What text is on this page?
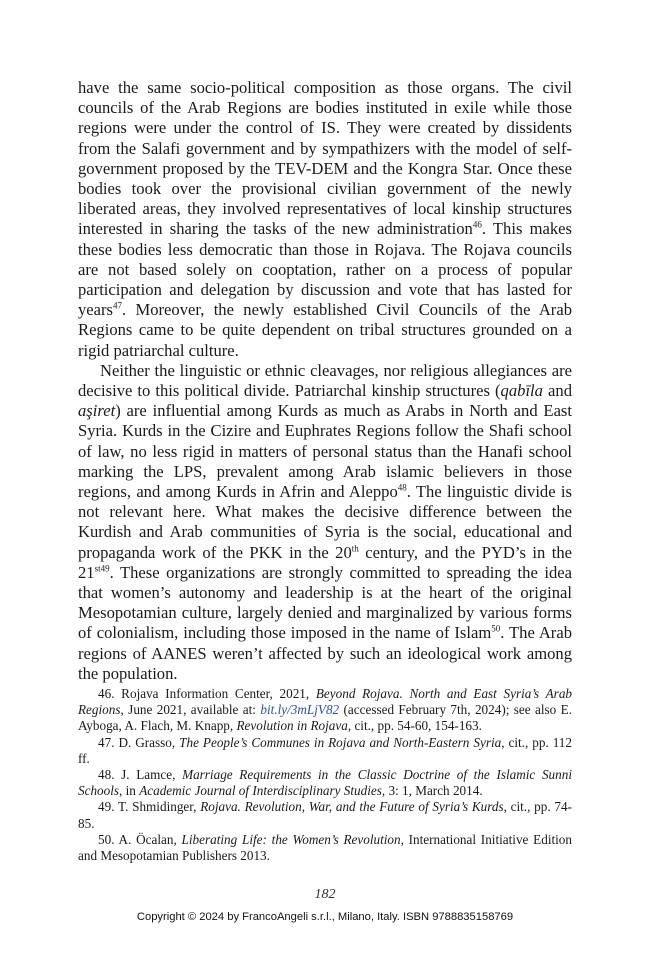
have the same socio-political composition as those organs. The civil councils of the Arab Regions are bodies instituted in exile while those regions were under the control of IS. They were created by dissidents from the Salafi government and by sympathizers with the model of self-government proposed by the TEV-DEM and the Kongra Star. Once these bodies took over the provisional civilian government of the newly liberated areas, they involved representatives of local kinship structures interested in sharing the tasks of the new administration$^{46}$. This makes these bodies less democratic than those in Rojava. The Rojava councils are not based solely on cooptation, rather on a process of popular participation and delegation by discussion and vote that has lasted for years$^{47}$. Moreover, the newly established Civil Councils of the Arab Regions came to be quite dependent on tribal structures grounded on a rigid patriarchal culture.

Neither the linguistic or ethnic cleavages, nor religious allegiances are decisive to this political divide. Patriarchal kinship structures (qabīla and aşiret) are influential among Kurds as much as Arabs in North and East Syria. Kurds in the Cizire and Euphrates Regions follow the Shafi school of law, no less rigid in matters of personal status than the Hanafi school marking the LPS, prevalent among Arab islamic believers in those regions, and among Kurds in Afrin and Aleppo$^{48}$. The linguistic divide is not relevant here. What makes the decisive difference between the Kurdish and Arab communities of Syria is the social, educational and propaganda work of the PKK in the 20th century, and the PYD’s in the $21^{st49}$. These organizations are strongly committed to spreading the idea that women’s autonomy and leadership is at the heart of the original Mesopotamian culture, largely denied and marginalized by various forms of colonialism, including those imposed in the name of Islam$^{50}$. The Arab regions of AANES weren’t affected by such an ideological work among the population.

46. Rojava Information Center, 2021, Beyond Rojava. North and East Syria’s Arab Regions, June 2021, available at: bit.ly/3mLjV82 (accessed February 7th, 2024); see also E. Ayboga, A. Flach, M. Knapp, Revolution in Rojava, cit., pp. 54-60, 154-163.

47. D. Grasso, The People’s Communes in Rojava and North-Eastern Syria, cit., pp. 112 ff.

48. J. Lamce, Marriage Requirements in the Classic Doctrine of the Islamic Sunni Schools, in Academic Journal of Interdisciplinary Studies, 3: 1, March 2014.

49. T. Shmidinger, Rojava. Revolution, War, and the Future of Syria’s Kurds, cit., pp. 74-85.

50. A. Öcalan, Liberating Life: the Women’s Revolution, International Initiative Edition and Mesopotamian Publishers 2013.

182
Copyright © 2024 by FrancoAngeli s.r.l., Milano, Italy. ISBN 9788835158769
